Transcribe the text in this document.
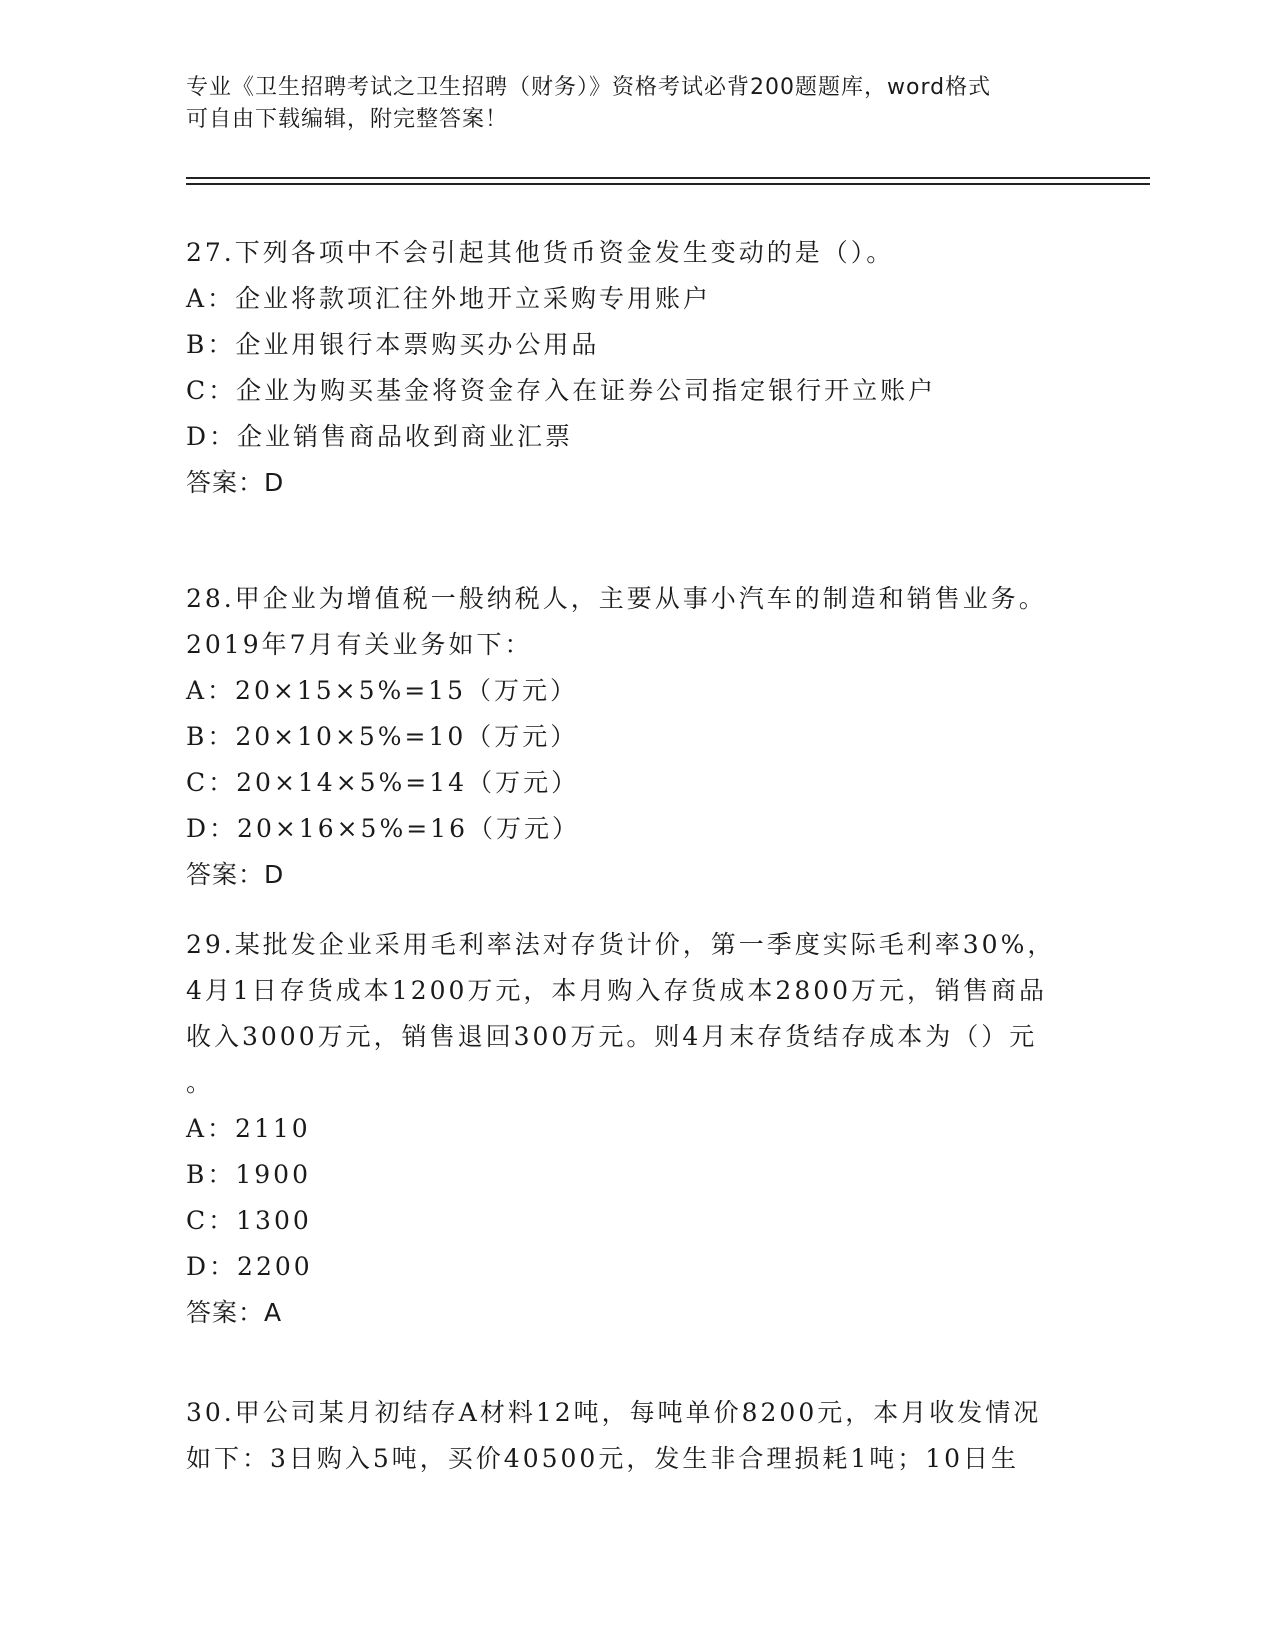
专业《卫生招聘考试之卫生招聘（财务）》资格考试必背200题题库，word格式
可自由下载编辑，附完整答案！
27.下列各项中不会引起其他货币资金发生变动的是（）。
A：企业将款项汇往外地开立采购专用账户
B：企业用银行本票购买办公用品
C：企业为购买基金将资金存入在证券公司指定银行开立账户
D：企业销售商品收到商业汇票
答案：D
28.甲企业为增值税一般纳税人，主要从事小汽车的制造和销售业务。
2019年7月有关业务如下：
A：20×15×5%=15（万元）
B：20×10×5%=10（万元）
C：20×14×5%=14（万元）
D：20×16×5%=16（万元）
答案：D
29.某批发企业采用毛利率法对存货计价，第一季度实际毛利率30%，
4月1日存货成本1200万元，本月购入存货成本2800万元，销售商品
收入3000万元，销售退回300万元。则4月末存货结存成本为（）元
。
A：2110
B：1900
C：1300
D：2200
答案：A
30.甲公司某月初结存A材料12吨，每吨单价8200元，本月收发情况
如下：3日购入5吨，买价40500元，发生非合理损耗1吨；10日生
